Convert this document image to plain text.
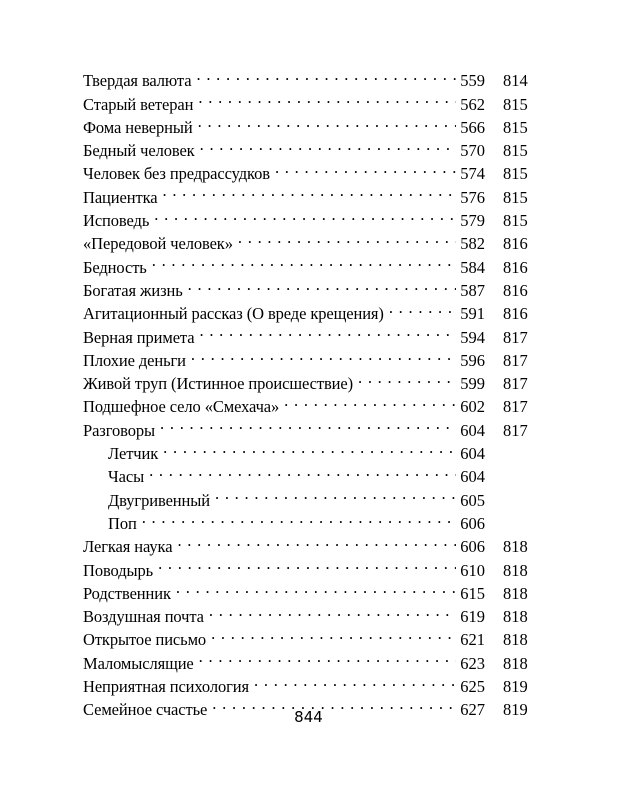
Твердая валюта . . .	559 814
Старый ветеран . . .	562 815
Фома неверный . . .	566 815
Бедный человек . . .	570 815
Человек без предрассудков . . .	574 815
Пациентка . . .	576 815
Исповедь . . .	579 815
«Передовой человек» . . .	582 816
Бедность . . .	584 816
Богатая жизнь . . .	587 816
Агитационный рассказ (О вреде крещения) . . .	591 816
Верная примета . . .	594 817
Плохие деньги . . .	596 817
Живой труп (Истинное происшествие) . . .	599 817
Подшефное село «Смехача» . . .	602 817
Разговоры . . .	604 817
Летчик . . .	604
Часы . . .	604
Двугривенный . . .	605
Поп . . .	606
Легкая наука . . .	606 818
Поводырь . . .	610 818
Родственник . . .	615 818
Воздушная почта . . .	619 818
Открытое письмо . . .	621 818
Маломыслящие . . .	623 818
Неприятная психология . . .	625 819
Семейное счастье . . .	627 819
844
